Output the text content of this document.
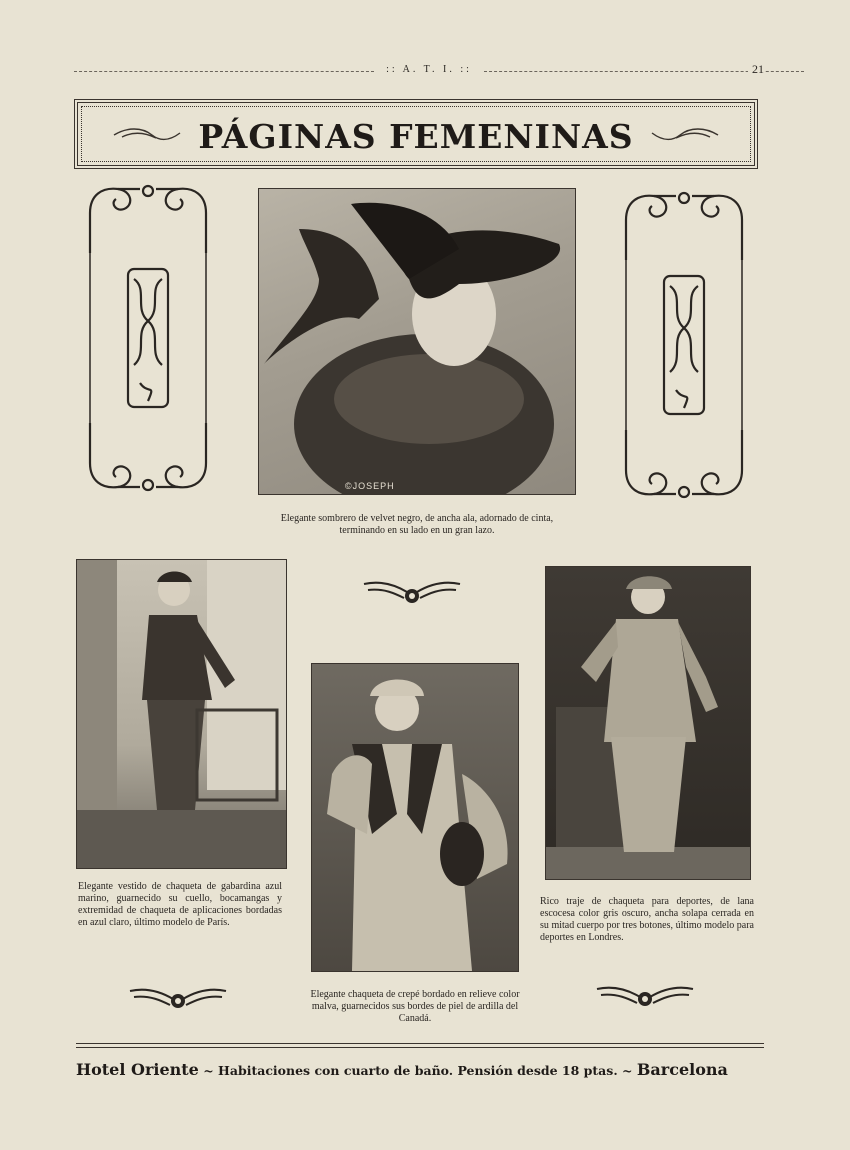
:: A. T. I. ::	21
PÁGINAS FEMENINAS
©JOSEPH
Elegante sombrero de velvet negro, de ancha ala, adornado de cinta, terminando en su lado en un gran lazo.
Elegante vestido de chaqueta de gabardina azul marino, guarnecido su cuello, bocamangas y extremidad de chaqueta de aplicaciones bordadas en azul claro, último modelo de París.
Elegante chaqueta de crepé bordado en relieve color malva, guarnecidos sus bordes de piel de ardilla del Canadá.
Rico traje de chaqueta para deportes, de lana escocesa color gris oscuro, ancha solapa cerrada en su mitad cuerpo por tres botones, último modelo para deportes en Londres.
Hotel Oriente ~ Habitaciones con cuarto de baño. Pensión desde 18 ptas. ~ Barcelona
